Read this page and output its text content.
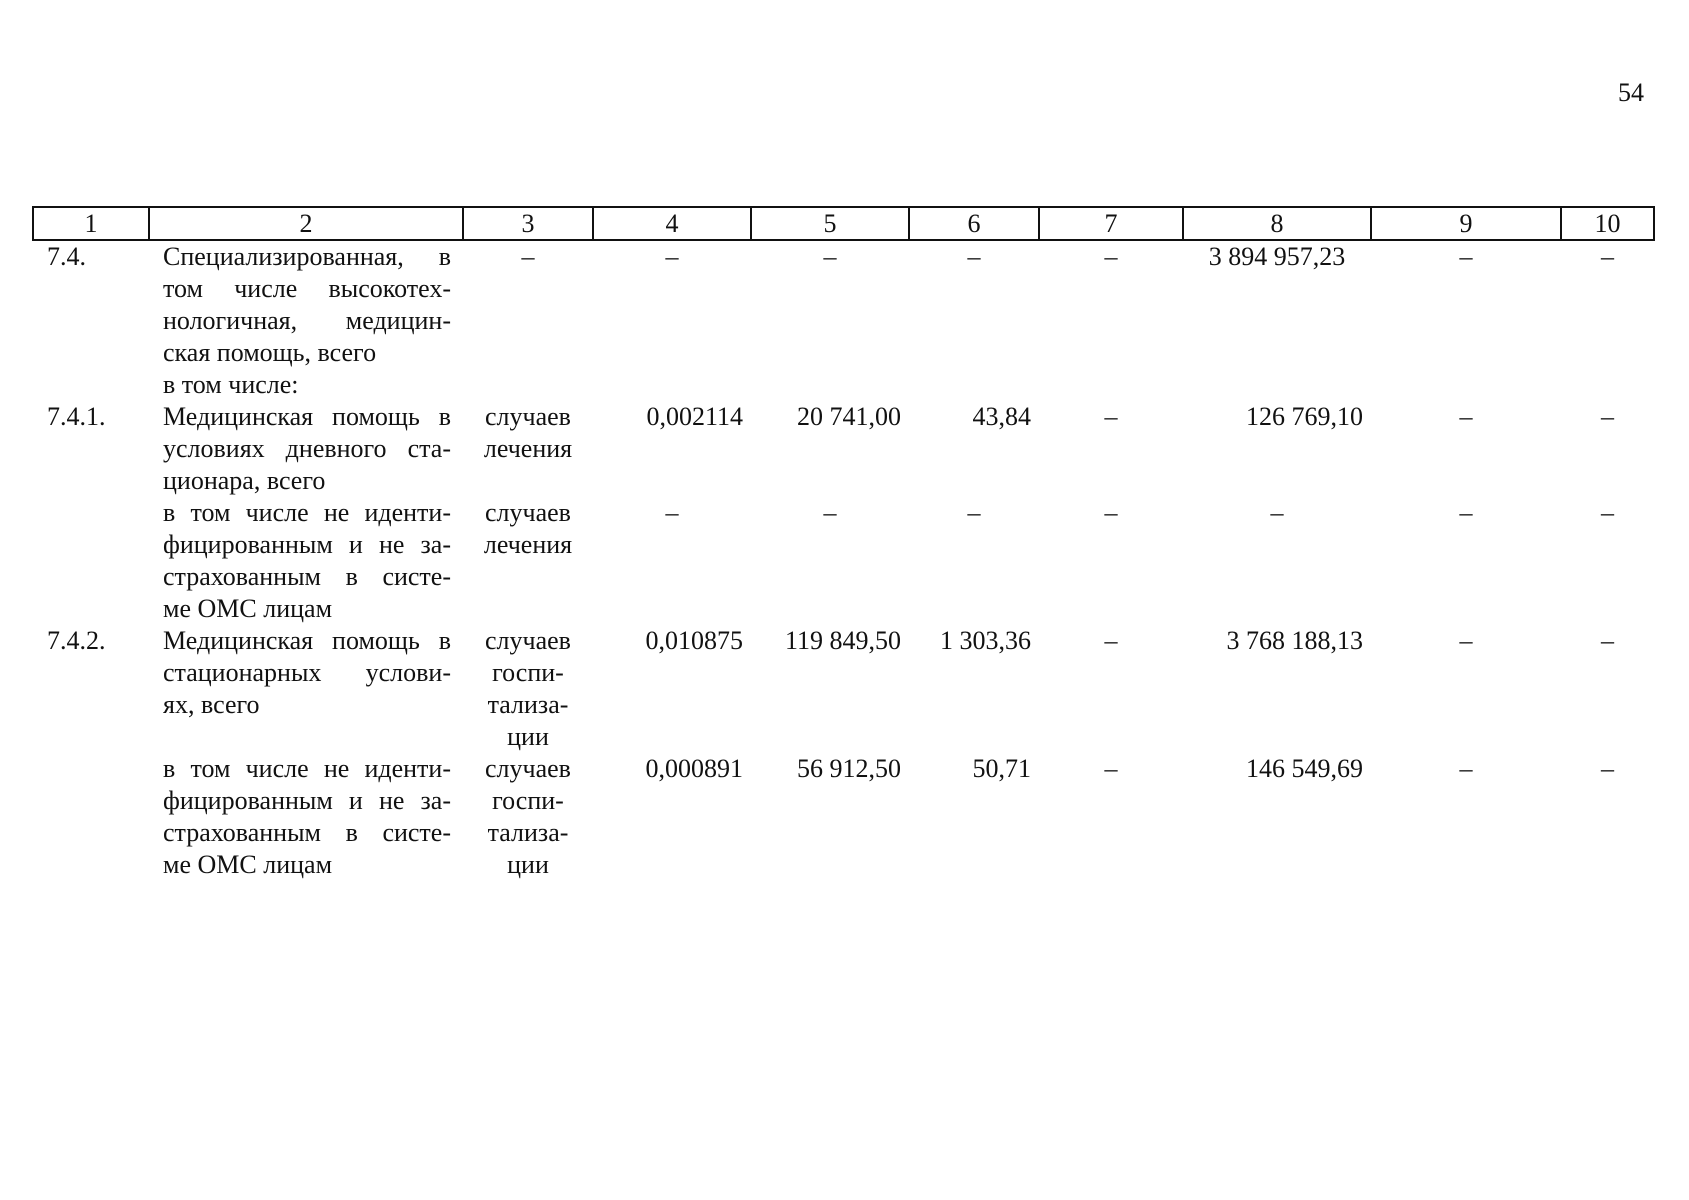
54
1	2	3	4	5	6	7	8	9	10
7.4.	Специализированная, в
том числе высокотех-
нологичная, медицин-
ская помощь, всего	–	–	–	–	–	3 894 957,23	–	–

	в том числе:								

7.4.1.	Медицинская помощь в
условиях дневного ста-
ционара, всего	случаев
лечения	0,002114	20 741,00	43,84	–	126 769,10	–	–

	в том числе не иденти-
фицированным и не за-
страхованным в систе-
ме ОМС лицам	случаев
лечения	–	–	–	–	–	–	–
7.4.2.	Медицинская помощь в
стационарных услови-
ях, всего	случаев
госпи-
тализа-
ции	0,010875	119 849,50	1 303,36	–	3 768 188,13	–	–

	в том числе не иденти-
фицированным и не за-
страхованным в систе-
ме ОМС лицам	случаев
госпи-
тализа-
ции	0,000891	56 912,50	50,71	–	146 549,69	–	–
